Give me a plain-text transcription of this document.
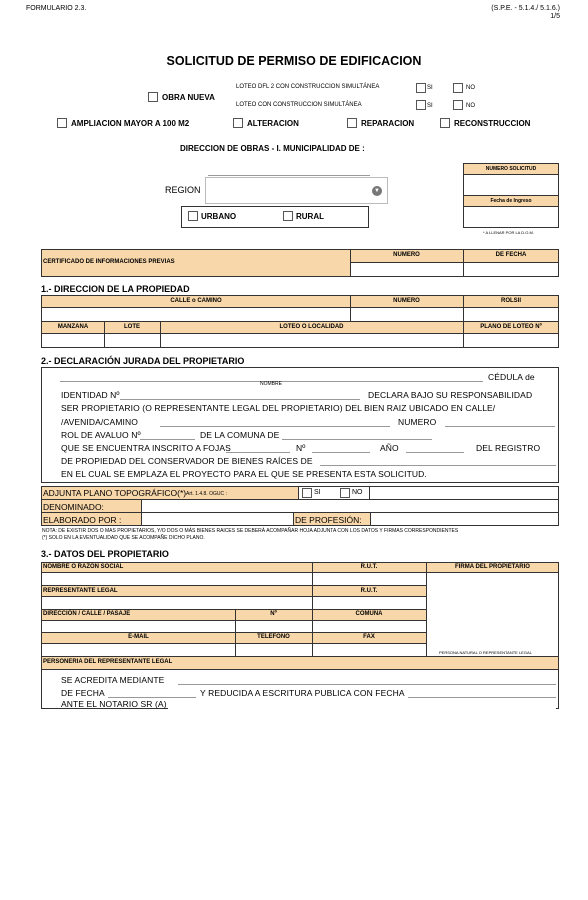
FORMULARIO 2.3.	(S.P.E. - 5.1.4./ 5.1.6.)
1/5
SOLICITUD DE PERMISO DE EDIFICACION
OBRA NUEVA
LOTEO DFL 2 CON CONSTRUCCION SIMULTÁNEA	SI	NO
LOTEO CON CONSTRUCCION SIMULTÁNEA	SI	NO
AMPLIACION MAYOR A 100 M2	ALTERACION	REPARACION	RECONSTRUCCION
DIRECCION DE OBRAS - I. MUNICIPALIDAD DE :
REGION	▼
URBANO	RURAL
NUMERO SOLICITUD
Fecha de Ingreso
* A LLENAR POR LA D.O.M.
CERTIFICADO DE INFORMACIONES PREVIAS
NUMERO	DE FECHA
1.- DIRECCION DE LA PROPIEDAD
CALLE o CAMINO	NUMERO	ROLSII
MANZANA	LOTE	LOTEO O LOCALIDAD	PLANO DE LOTEO Nº
2.- DECLARACIÓN JURADA DEL PROPIETARIO
CÉDULA de
NOMBRE
IDENTIDAD Nº	DECLARA BAJO SU RESPONSABILIDAD
SER PROPIETARIO (O REPRESENTANTE LEGAL DEL PROPIETARIO) DEL BIEN RAIZ UBICADO EN CALLE/
/AVENIDA/CAMINO	NUMERO
ROL DE AVALUO Nº	DE LA COMUNA DE
QUE SE ENCUENTRA INSCRITO A FOJAS	Nº	AÑO	DEL REGISTRO
DE PROPIEDAD DEL CONSERVADOR DE BIENES RAÍCES DE
EN EL CUAL SE EMPLAZA EL PROYECTO PARA EL QUE SE PRESENTA ESTA SOLICITUD.
ADJUNTA PLANO TOPOGRÁFICO(*) Art. 1.4.8. OGUC :	SI	NO
DENOMINADO:
ELABORADO POR :	DE PROFESIÓN:
NOTA: DE EXISTIR DOS O MAS PROPIETARIOS, Y/O DOS O MÁS BIENES RAICES SE DEBERÁ ACOMPAÑAR HOJA ADJUNTA CON LOS DATOS Y FIRMAS CORRESPONDIENTES
(*) SOLO EN LA EVENTUALIDAD QUE SE ACOMPAÑE DICHO PLANO.
3.- DATOS DEL PROPIETARIO
NOMBRE O RAZÓN SOCIAL	R.U.T.	FIRMA DEL PROPIETARIO
REPRESENTANTE LEGAL	R.U.T.
DIRECCIÓN / CALLE / PASAJE	Nº	COMUNA
E-MAIL	TELEFONO	FAX
PERSONA NATURAL O REPRESENTANTE LEGAL
PERSONERIA DEL REPRESENTANTE LEGAL
SE ACREDITA MEDIANTE
DE FECHA	Y REDUCIDA A ESCRITURA PUBLICA CON FECHA
ANTE EL NOTARIO SR (A)
